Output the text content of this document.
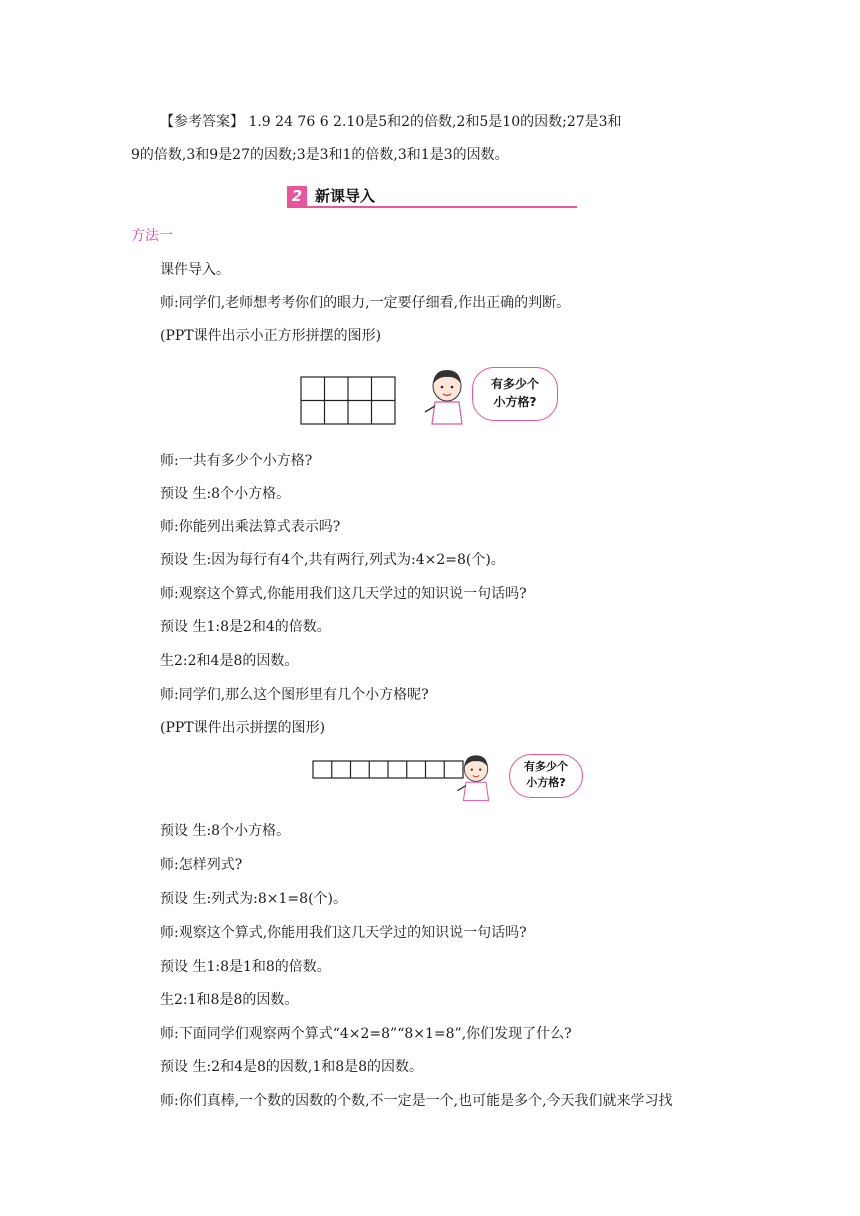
【参考答案】 1.9 24 76 6 2.10是5和2的倍数,2和5是10的因数;27是3和
9的倍数,3和9是27的因数;3是3和1的倍数,3和1是3的因数。
2 新课导入
方法一
课件导入。
师:同学们,老师想考考你们的眼力,一定要仔细看,作出正确的判断。
(PPT课件出示小正方形拼摆的图形)
有多少个
小方格?
师:一共有多少个小方格?
预设 生:8个小方格。
师:你能列出乘法算式表示吗?
预设 生:因为每行有4个,共有两行,列式为:4×2=8(个)。
师:观察这个算式,你能用我们这几天学过的知识说一句话吗?
预设 生1:8是2和4的倍数。
生2:2和4是8的因数。
师:同学们,那么这个图形里有几个小方格呢?
(PPT课件出示拼摆的图形)
有多少个
小方格?
预设 生:8个小方格。
师:怎样列式?
预设 生:列式为:8×1=8(个)。
师:观察这个算式,你能用我们这几天学过的知识说一句话吗?
预设 生1:8是1和8的倍数。
生2:1和8是8的因数。
师:下面同学们观察两个算式“4×2=8”“8×1=8”,你们发现了什么?
预设 生:2和4是8的因数,1和8是8的因数。
师:你们真棒,一个数的因数的个数,不一定是一个,也可能是多个,今天我们就来学习找
